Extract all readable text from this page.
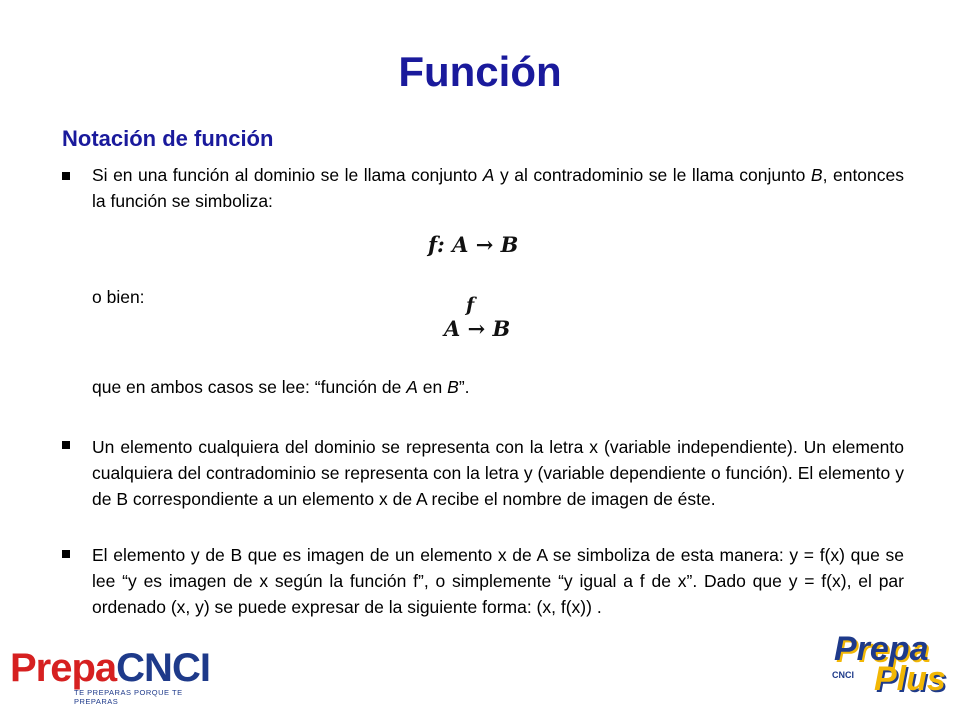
Función
Notación de función
Si en una función al dominio se le llama conjunto A y al contradominio se le llama conjunto B, entonces la función se simboliza:
f: A → B
o bien:	f
A → B
que en ambos casos se lee: “función de A en B”.
Un elemento cualquiera del dominio se representa con la letra x (variable independiente). Un elemento cualquiera del contradominio se representa con la letra y (variable dependiente o función). El elemento y de B correspondiente a un elemento x de A recibe el nombre de imagen de éste.
El elemento y de B que es imagen de un elemento x de A se simboliza de esta manera: y = f(x) que se lee “y es imagen de x según la función f”, o simplemente “y igual a f de x”. Dado que y = f(x), el par ordenado (x, y) se puede expresar de la siguiente forma: (x, f(x)) .
PrepaCNCI
TE PREPARAS PORQUE TE PREPARAS
Prepa
CNCI Plus
